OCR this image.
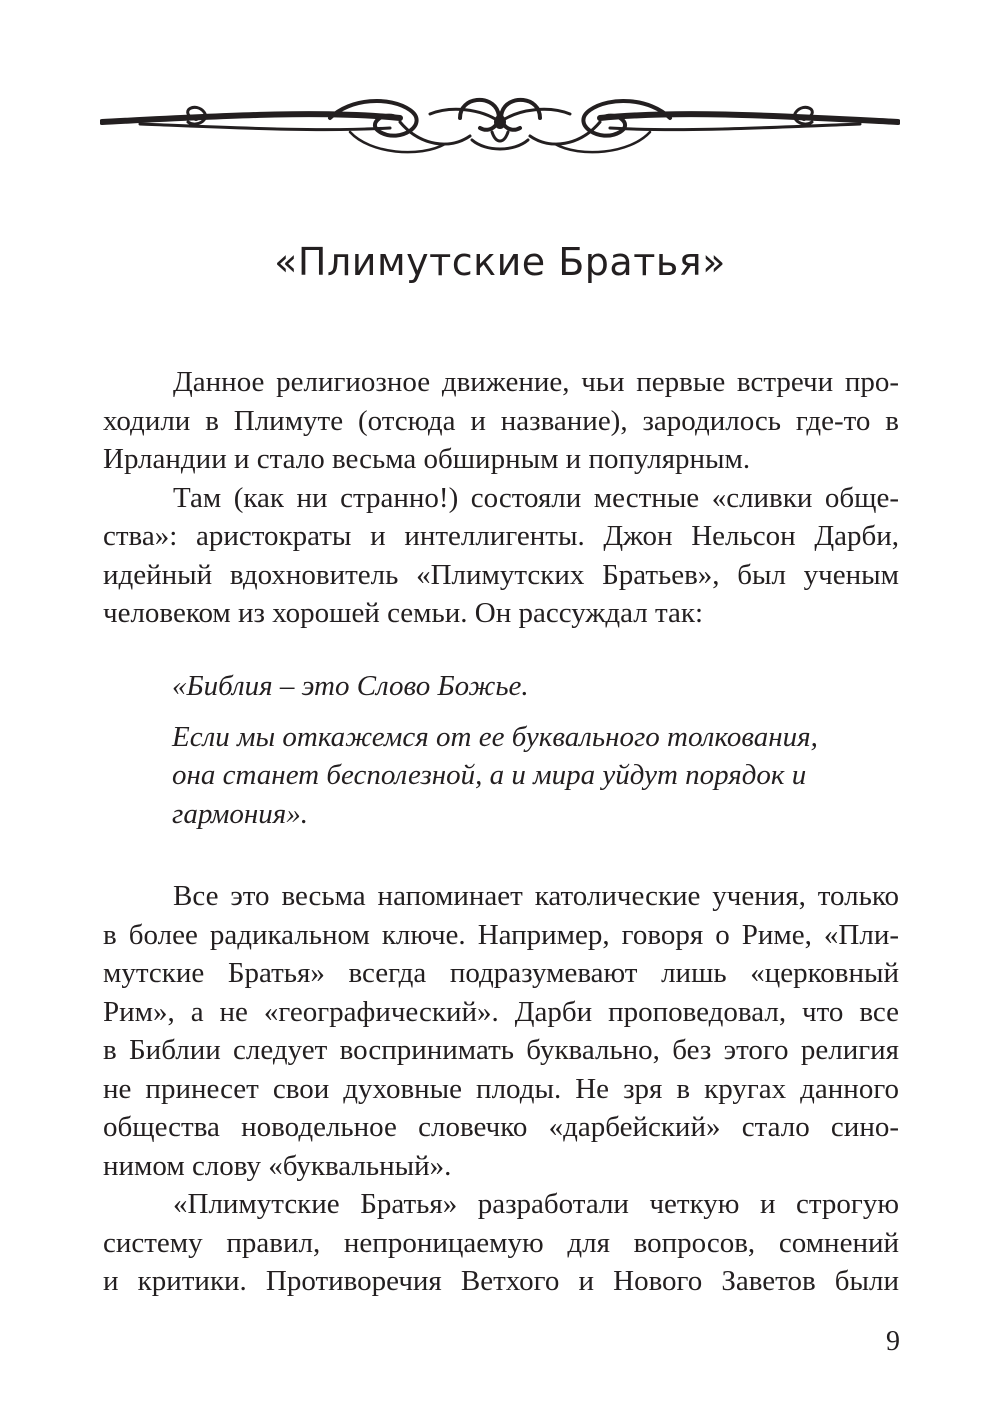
«Плимутские Братья»

Данное религиозное движение, чьи первые встречи про-
ходили в Плимуте (отсюда и название), зародилось где-то в
Ирландии и стало весьма обширным и популярным.

Там (как ни странно!) состояли местные «сливки обще-
ства»: аристократы и интеллигенты. Джон Нельсон Дарби,
идейный вдохновитель «Плимутских Братьев», был ученым
человеком из хорошей семьи. Он рассуждал так:

«Библия – это Слово Божье.

Если мы откажемся от ее буквального толкования,

она станет бесполезной, а и мира уйдут порядок и

гармония».

Все это весьма напоминает католические учения, только
в более радикальном ключе. Например, говоря о Риме, «Пли-
мутские Братья» всегда подразумевают лишь «церковный
Рим», а не «географический». Дарби проповедовал, что все
в Библии следует воспринимать буквально, без этого религия
не принесет свои духовные плоды. Не зря в кругах данного
общества новодельное словечко «дарбейский» стало сино-
нимом слову «буквальный».

«Плимутские Братья» разработали четкую и строгую
систему правил, непроницаемую для вопросов, сомнений
и критики. Противоречия Ветхого и Нового Заветов были

9
